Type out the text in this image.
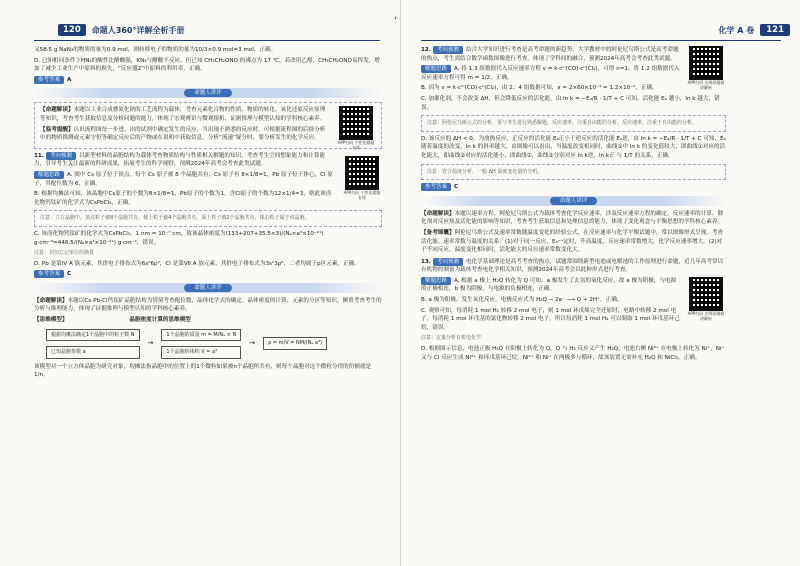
120	命题人360°详解全析手册

又58.5 g NaN₃的物质的量为0.9 mol，则转移电子的物质的量为10/3×0.9 mol=3 mol，正确。

D. 已知相同条件下HN₃的酸性比醋酸强，KN₃与醋酸不反应，但已知 CH₃CH₂ONO 的沸点为 17 ℃，若改用乙醇，CH₃CH₂ONO易挥发，增加了减少工业生产中原料的损失，“反应器2”中原料的利用率，正确。

参考答案 A

命题人讲评
APP扫码 个性化精题专练

【命题解读】本题以工业合成叠氮化钠的工艺流程为载体，考查元素化合物的性质、物质的转化、氧化还原反应原理等知识，考查考生获取信息及分析问题的能力，体现了宏观辨识与微观探析、证据推理与模型认知的学科核心素养。

【临考提醒】认识流程图每一步进、出的试剂中确定发生的反应，当出现不熟悉的反应时，可根据流程图的后续分析中的物质推测或元素守恒等确定反应后的产物或在说明中获取信息。分析“流速”疑分时，要分析发生的化学反应。

APP扫码 个性化精题专练

11. 考向预测 以新型材料的晶胞结构为载体考查物质结构与性质相关解题的知识，考查考生空间想象能力和计算能力，引导考生关注最新的科研成果，拓展考生的科学视野，预测2024年高考会考查此类试题。

解题思路 A. 图中 Cs 原子位于顶点，每个 Cs 原子被 8 个晶胞共有，Cs 原子有 8×1/8=1，Pb 原子位于体心，Cl 原子，其配位数为 6，正确。

B. 根据均摊法可知，该晶胞中Cs原子的个数为8×1/8=1，Pb原子的个数为1，含Cl原子的个数为12×1/4=3，则此该卤化物钙钛矿的化学式为CsPbCl₃，正确。

注意：立方晶胞中，顶点粒子被8个晶胞共有，棱上粒子被4个晶胞共有，面上粒子被2个晶胞共有，体心粒子属于该晶胞。

C. 该卤化物钙钛矿的化学式为CsPbCl₃，1 nm = 10⁻⁷ cm，故该晶体密度为(133+207+35.5×3)/(Nₐ×a³×10⁻²¹) g·cm⁻³=446.5/(Nₐ×a³×10⁻²¹) g·cm⁻³，错误。

注意：切勿忘记单位的换算

D. Pb 是第IV A 族元素，其价电子排布式为6s²6p²，Cl 是第VII A 族元素，其价电子排布式为3s²3p⁵，二者均属于p区元素，正确。

参考答案 C

命题人讲评

【命题解读】本题以Cs-Pb-Cl钙钛矿晶胞结构为情境考查配位数、晶体化学式的确定、晶体密度的计算、元素的分区等知识，侧重考查考生的分析与推理能力，体现了证据推理与模型认知的学科核心素养。

【思维模型】	晶胞密度计算的思维模型

根据均摊法确定1个晶胞中的粒子数 N
已知晶胞参数 a
→
1个晶胞的质量 m = M/Nₐ × N
1个晶胞的体积 V = a³
→	ρ = m/V = NM/(Nₐ a³)

该模型对一个立方体晶胞为研究对象，均摊法指晶胞中的位置上的1个微粒如果被n个晶胞所共有，则每个晶胞对这个微粒分得的份额就是1/n。

ʻ
化学 A 卷	121
APP扫码 名师原题精讲解析

12. 考向预测 结合大学知识进行考查是高考命题的新趋势，大学教材中的阿伦尼乌斯公式是高考命题的热点，考生需结合数学函数图像进行考查，体现了学科间的融合，预测2024年高考会考查此类试题。

解题思路 A. 将 1.3 组数据代入反应速率方程 v = k·cᵐ(CO)·cⁿ(Cl₂)，可得 n=1，将 1.2 组数据代入反应速率方程可得 m = 1/2，正确。

B. 因为 v = k·cᵐ(CO)·cⁿ(Cl₂)，由 2、4 组数据可知，x ≈ 2×60×10⁻³ = 1.2×10⁻²，正确。

C. 加催化剂，不会改变 ΔH，但会降低反应的活化能，由 ln k = −Eₐ/R · 1/T + C 可知，活化能 Eₐ 越小，ln k 越大，错误。

注意：阿伦尼乌斯公式的分析，要与考生进行熟悉解题，反应速率，注重自由能的分析，反应速率，注重于自由能的分析。

D. 该反应的 ΔH < 0，为放热反应，正反应的活化能 Eₐ正小于逆反应的活化能 Eₐ逆，由 ln k = −Eₐ/R · 1/T + C 可知，Eₐ 随着温度的改变，ln k 的斜率越大，由图像可以看出，当温度改变相同时，曲线①中 ln k 的变化值较大，即曲线①对应的活化能大，即曲线②对应的活化能小，即曲线②，曲线②分别对应 ln k逆、ln k正 与 1/T 的关系，正确。

注意：符合温度分析，一般 ΔH 温度变化量的分析。

参考答案 C

命题人讲评

【命题解读】本题以速率方程、阿伦尼乌斯公式为载体考查化学反应速率，涉及反应速率方程的确定、反应速率的计算、催化剂对反应热及活化能的影响等知识，考查考生获取信息和处理信息的能力，体现了变化观念与平衡思想的学科核心素养。

【备考锦囊】阿伦尼乌斯公式及速率常数随温度变化的经验公式，在反应速率与化学平衡试题中，常以图像形式呈现。考查活化能、速率常数与温度的关系：(1)对于同一反应，Eₐ一定时，升高温度，反应速率常数增大，化学反应速率增大。(2)对于不同反应，温度变化相同时，活化能大的反应速率常数变化大。

13. 考向预测 电化学基础理论是高考考查的热点，试题常围绕新型电池或电解池的工作原理进行命题，近几年高考常以有机物的制备为载体考查电化学相关知识，预测2024年高考会以此种形式进行考查。

APP扫码 名师原题精讲解析

解题思路 A. 根据 a 极上 H₂Q 转化为 Q 可知，a 极发生了去氢的氧化反应，故 a 极为阳极，与电源的正极相连，b 极为阴极，与电源的负极相连，正确。

B. a 极为阳极，发生氧化反应，电极反应式为 H₂Q − 2e⁻ ⟶ Q + 2H⁺，正确。

C. 观察可知，每消耗 1 mol H₂ 转移 2 mol 电子，则 1 mol 环戊烯完全还原时，电路中转移 2 mol 电子，每消耗 1 mol 环戊基的氯化物转移 2 mol 电子，所以每消耗 1 mol H₂ 可以制取 1 mol 环戊基环己烷，错误。

注意：定量分析有机电化学

D. 根据图示信息，电池正极 H₂Q 在阳极上转化为 Q，Q 与 H₂ 反应又产生 H₂Q，电池右侧 Ni²⁺ 在电极上转化为 Ni⁺，Ni⁺ 又与 Cl 反应生成 Ni²⁺ 和环戊基环己烷，Ni²⁺ 和 Ni⁺ 在两极多与循环，故该装置无需补充 H₂Q 和 NiCl₂，正确。
